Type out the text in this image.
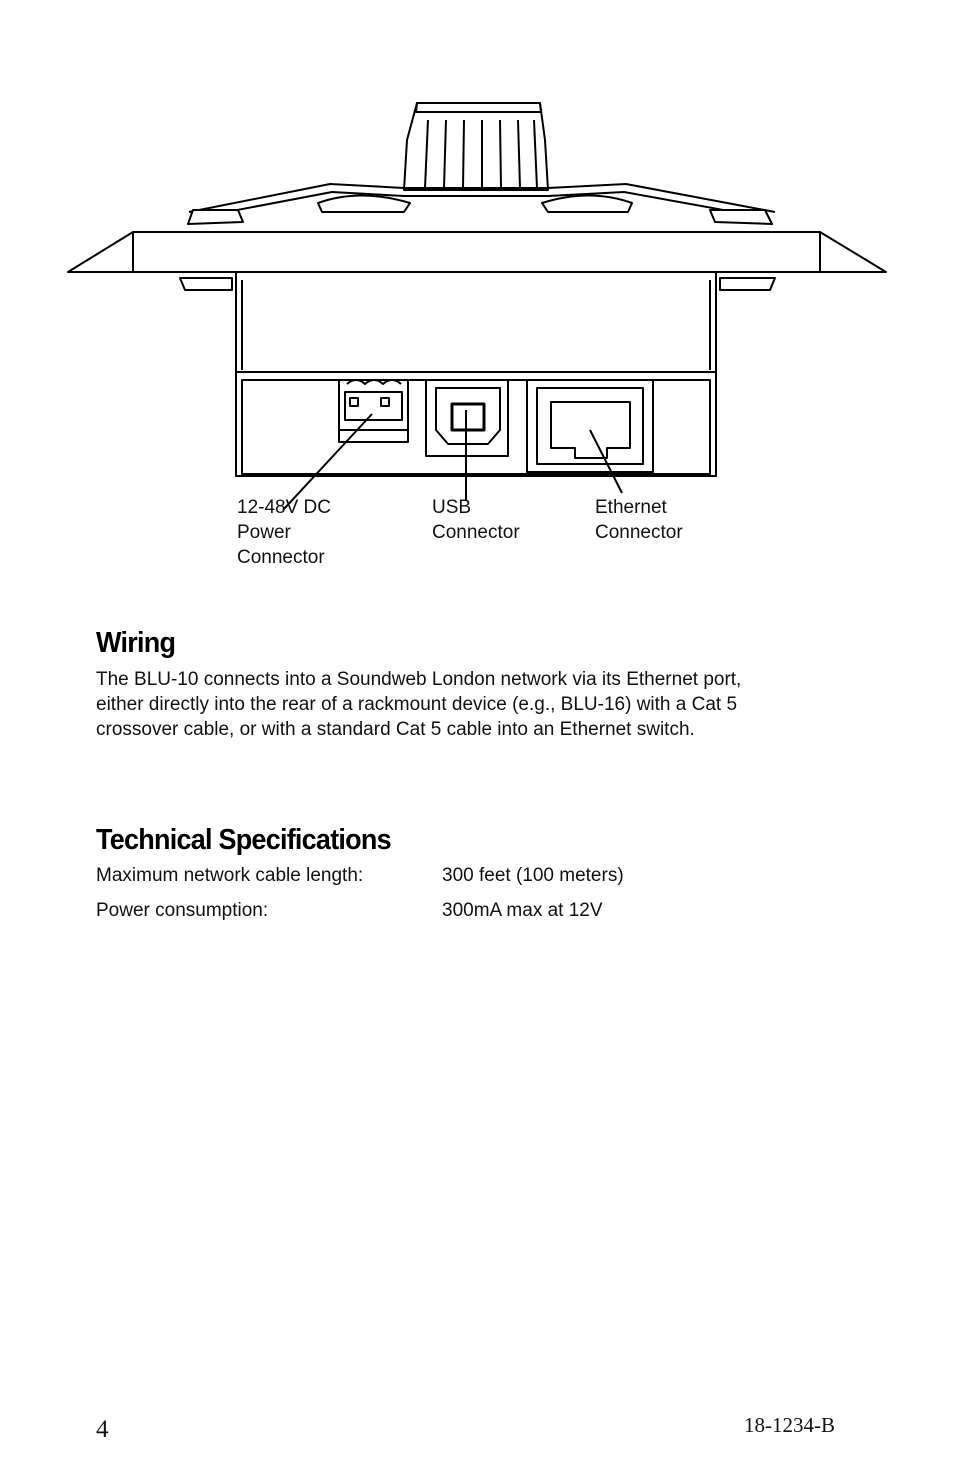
12-48V DC
Power
Connector
USB
Connector
Ethernet
Connector
Wiring

The BLU-10 connects into a Soundweb London network via its Ethernet port,
either directly into the rear of a rackmount device (e.g., BLU-16) with a Cat 5
crossover cable, or with a standard Cat 5 cable into an Ethernet switch.

Technical Specifications
Maximum network cable length:	300 feet (100 meters)
Power consumption:	300mA max at 12V

4	18-1234-B
